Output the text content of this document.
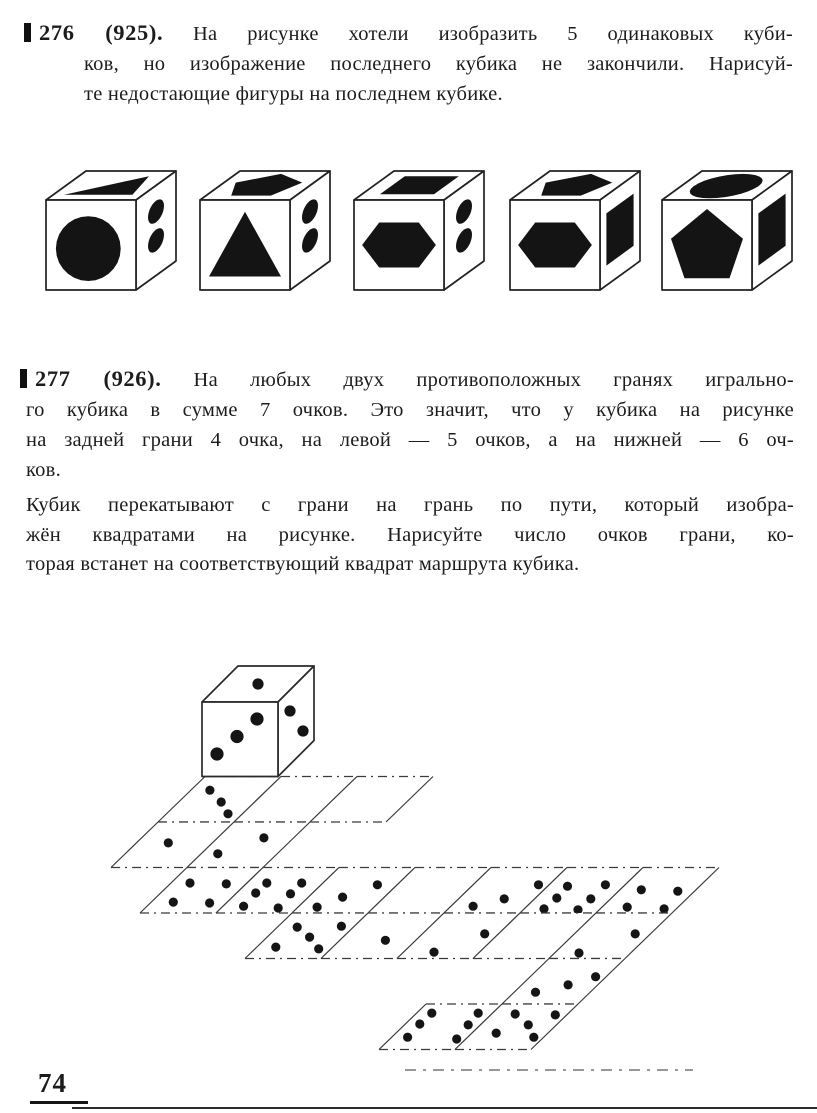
276 (925). На рисунке хотели изобразить 5 одинаковых куби-
ков, но изображение последнего кубика не закончили. Нарисуй-
те недостающие фигуры на последнем кубике.
277 (926). На любых двух противоположных гранях игрально-
го кубика в сумме 7 очков. Это значит, что у кубика на рисунке
на задней грани 4 очка, на левой — 5 очков, а на нижней — 6 оч-
ков.
Кубик перекатывают с грани на грань по пути, который изобра-
жён квадратами на рисунке. Нарисуйте число очков грани, ко-
торая встанет на соответствующий квадрат маршрута кубика.
74
